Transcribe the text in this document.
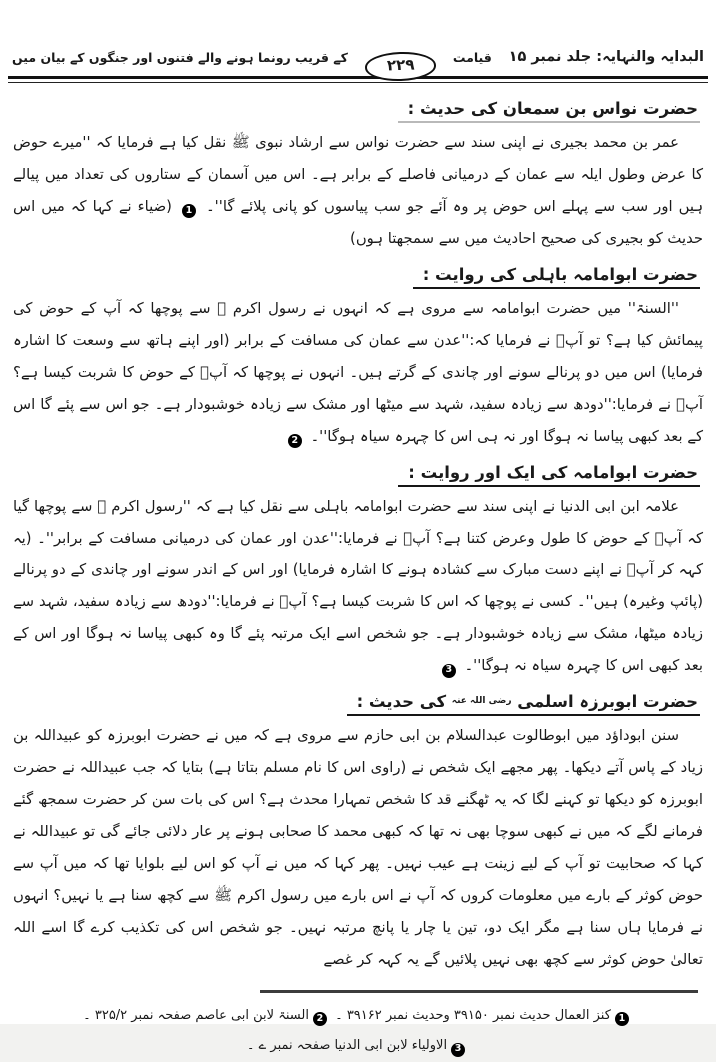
البدایہ والنہایہ: جلد نمبر ۱۵
قیامت
۲۲۹
کے قریب رونما ہونے والے فتنوں اور جنگوں کے بیان میں
حضرت نواس بن سمعان کی حدیث :
عمر بن محمد بجیری نے اپنی سند سے حضرت نواس سے ارشاد نبوی ﷺ نقل کیا ہے فرمایا کہ ''میرے حوض کا عرض وطول ایلہ سے عمان کے درمیانی فاصلے کے برابر ہے۔ اس میں آسمان کے ستاروں کی تعداد میں پیالے ہیں اور سب سے پہلے اس حوض پر وہ آئے جو سب پیاسوں کو پانی پلائے گا''۔ 1 (ضیاء نے کہا کہ میں اس حدیث کو بجیری کی صحیح احادیث میں سے سمجھتا ہوں)
حضرت ابوامامہ باہلی کی روایت :
''السنۃ'' میں حضرت ابوامامہ سے مروی ہے کہ انہوں نے رسول اکرم ﷺ سے پوچھا کہ آپ کے حوض کی پیمائش کیا ہے؟ تو آپؐ نے فرمایا کہ:''عدن سے عمان کی مسافت کے برابر (اور اپنے ہاتھ سے وسعت کا اشارہ فرمایا) اس میں دو پرنالے سونے اور چاندی کے گرتے ہیں۔ انہوں نے پوچھا کہ آپؐ کے حوض کا شربت کیسا ہے؟ آپؐ نے فرمایا:''دودھ سے زیادہ سفید، شہد سے میٹھا اور مشک سے زیادہ خوشبودار ہے۔ جو اس سے پئے گا اس کے بعد کبھی پیاسا نہ ہوگا اور نہ ہی اس کا چہرہ سیاہ ہوگا''۔ 2
حضرت ابوامامہ کی ایک اور روایت :
علامہ ابن ابی الدنیا نے اپنی سند سے حضرت ابوامامہ باہلی سے نقل کیا ہے کہ ''رسول اکرم ﷺ سے پوچھا گیا کہ آپؐ کے حوض کا طول وعرض کتنا ہے؟ آپؐ نے فرمایا:''عدن اور عمان کی درمیانی مسافت کے برابر''۔ (یہ کہہ کر آپؐ نے اپنے دست مبارک سے کشادہ ہونے کا اشارہ فرمایا) اور اس کے اندر سونے اور چاندی کے دو پرنالے (پائپ وغیرہ) ہیں''۔ کسی نے پوچھا کہ اس کا شربت کیسا ہے؟ آپؐ نے فرمایا:''دودھ سے زیادہ سفید، شہد سے زیادہ میٹھا، مشک سے زیادہ خوشبودار ہے۔ جو شخص اسے ایک مرتبہ پئے گا وہ کبھی پیاسا نہ ہوگا اور اس کے بعد کبھی اس کا چہرہ سیاہ نہ ہوگا''۔ 3
حضرت ابوبرزہ اسلمی $^{رضی اللہ عنہ}$ کی حدیث :
سنن ابوداؤد میں ابوطالوت عبدالسلام بن ابی حازم سے مروی ہے کہ میں نے حضرت ابوبرزہ کو عبیداللہ بن زیاد کے پاس آتے دیکھا۔ پھر مجھے ایک شخص نے (راوی اس کا نام مسلم بتاتا ہے) بتایا کہ جب عبیداللہ نے حضرت ابوبرزہ کو دیکھا تو کہنے لگا کہ یہ ٹھگنے قد کا شخص تمہارا محدث ہے؟ اس کی بات سن کر حضرت سمجھ گئے فرمانے لگے کہ میں نے کبھی سوچا بھی نہ تھا کہ کبھی محمد کا صحابی ہونے پر عار دلائی جائے گی تو عبیداللہ نے کہا کہ صحابیت تو آپ کے لیے زینت ہے عیب نہیں۔ پھر کہا کہ میں نے آپ کو اس لیے بلوایا تھا کہ میں آپ سے حوض کوثر کے بارے میں معلومات کروں کہ آپ نے اس بارے میں رسول اکرم ﷺ سے کچھ سنا ہے یا نہیں؟ انہوں نے فرمایا ہاں سنا ہے مگر ایک دو، تین یا چار یا پانچ مرتبہ نہیں۔ جو شخص اس کی تکذیب کرے گا اسے اللہ تعالیٰ حوض کوثر سے کچھ بھی نہیں پلائیں گے یہ کہہ کر غصے
1کنز العمال حدیث نمبر ۳۹۱۵۰ وحدیث نمبر ۳۹۱۶۲ ۔ 2السنۃ لابن ابی عاصم صفحہ نمبر ۳۲۵/۲ ۔
3الاولیاء لابن ابی الدنیا صفحہ نمبر ے ۔
